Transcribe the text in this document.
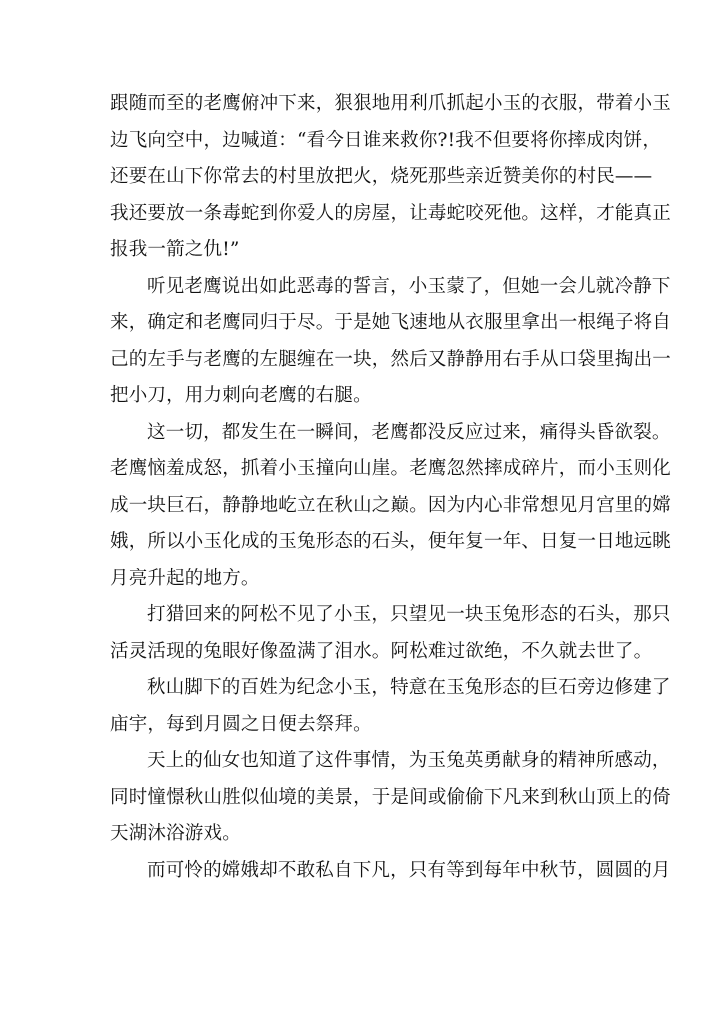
跟随而至的老鹰俯冲下来，狠狠地用利爪抓起小玉的衣服，带着小玉
边飞向空中，边喊道：“看今日谁来救你?!我不但要将你摔成肉饼，
还要在山下你常去的村里放把火，烧死那些亲近赞美你的村民——
我还要放一条毒蛇到你爱人的房屋，让毒蛇咬死他。这样，才能真正
报我一箭之仇!”
听见老鹰说出如此恶毒的誓言，小玉蒙了，但她一会儿就冷静下
来，确定和老鹰同归于尽。于是她飞速地从衣服里拿出一根绳子将自
己的左手与老鹰的左腿缠在一块，然后又静静用右手从口袋里掏出一
把小刀，用力刺向老鹰的右腿。
这一切，都发生在一瞬间，老鹰都没反应过来，痛得头昏欲裂。
老鹰恼羞成怒，抓着小玉撞向山崖。老鹰忽然摔成碎片，而小玉则化
成一块巨石，静静地屹立在秋山之巅。因为内心非常想见月宫里的嫦
娥，所以小玉化成的玉兔形态的石头，便年复一年、日复一日地远眺
月亮升起的地方。
打猎回来的阿松不见了小玉，只望见一块玉兔形态的石头，那只
活灵活现的兔眼好像盈满了泪水。阿松难过欲绝，不久就去世了。
秋山脚下的百姓为纪念小玉，特意在玉兔形态的巨石旁边修建了
庙宇，每到月圆之日便去祭拜。
天上的仙女也知道了这件事情，为玉兔英勇献身的精神所感动，
同时憧憬秋山胜似仙境的美景，于是间或偷偷下凡来到秋山顶上的倚
天湖沐浴游戏。
而可怜的嫦娥却不敢私自下凡，只有等到每年中秋节，圆圆的月
